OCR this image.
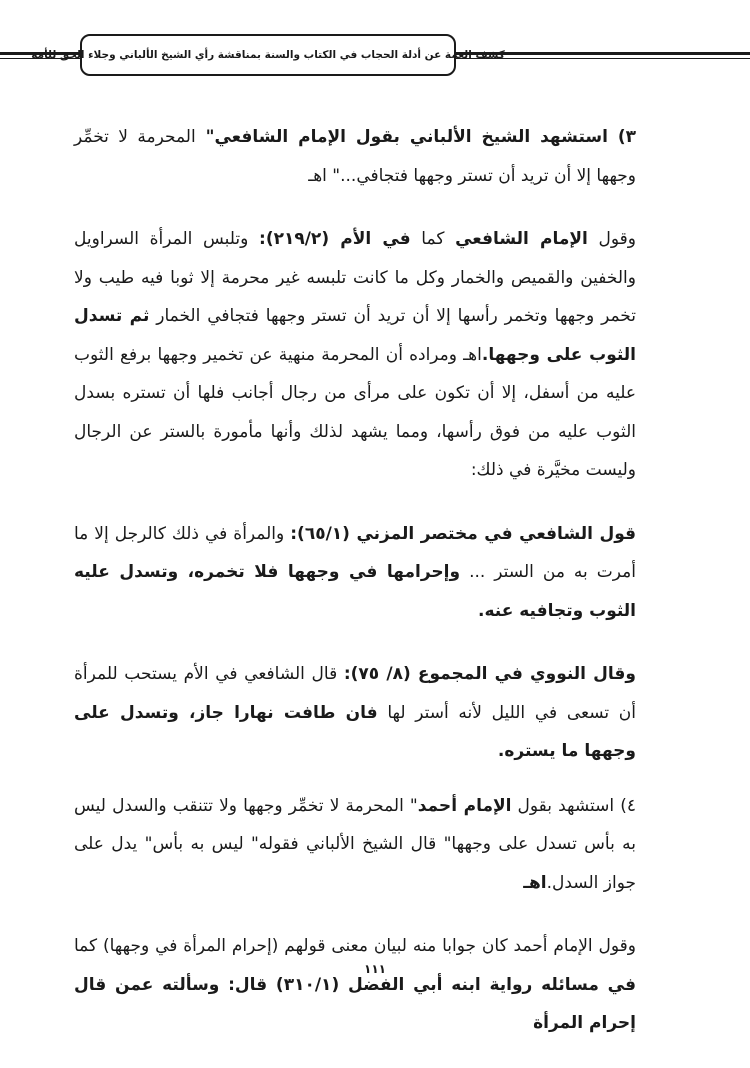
كشف الغمة عن أدلة الحجاب في الكتاب والسنة بمناقشة رأي الشيخ الألباني وجلاء الحق للأمة

٣) استشهد الشيخ الألباني بقول الإمام الشافعي" المحرمة لا تخمِّر وجهها إلا أن تريد أن تستر وجهها فتجافي..." اهـ

وقول الإمام الشافعي كما في الأم (٢١٩/٢): وتلبس المرأة السراويل والخفين والقميص والخمار وكل ما كانت تلبسه غير محرمة إلا ثوبا فيه طيب ولا تخمر وجهها وتخمر رأسها إلا أن تريد أن تستر وجهها فتجافي الخمار ثم تسدل الثوب على وجهها.اهـ ومراده أن المحرمة منهية عن تخمير وجهها برفع الثوب عليه من أسفل، إلا أن تكون على مرأى من رجال أجانب فلها أن تستره بسدل الثوب عليه من فوق رأسها، ومما يشهد لذلك وأنها مأمورة بالستر عن الرجال وليست مخيَّرة في ذلك:

قول الشافعي في مختصر المزني (٦٥/١): والمرأة في ذلك كالرجل إلا ما أمرت به من الستر ... وإحرامها في وجهها فلا تخمره، وتسدل عليه الثوب وتجافيه عنه.

وقال النووي في المجموع (٨/ ٧٥): قال الشافعي في الأم يستحب للمرأة أن تسعى في الليل لأنه أستر لها فان طافت نهارا جاز، وتسدل على وجهها ما يستره.

٤) استشهد بقول الإمام أحمد" المحرمة لا تخمِّر وجهها ولا تتنقب والسدل ليس به بأس تسدل على وجهها" قال الشيخ الألباني فقوله" ليس به بأس" يدل على جواز السدل.اهـ

وقول الإمام أحمد كان جوابا منه لبيان معنى قولهم (إحرام المرأة في وجهها) كما في مسائله رواية ابنه أبي الفضل (٣١٠/١) قال: وسألته عمن قال إحرام المرأة

١١١
